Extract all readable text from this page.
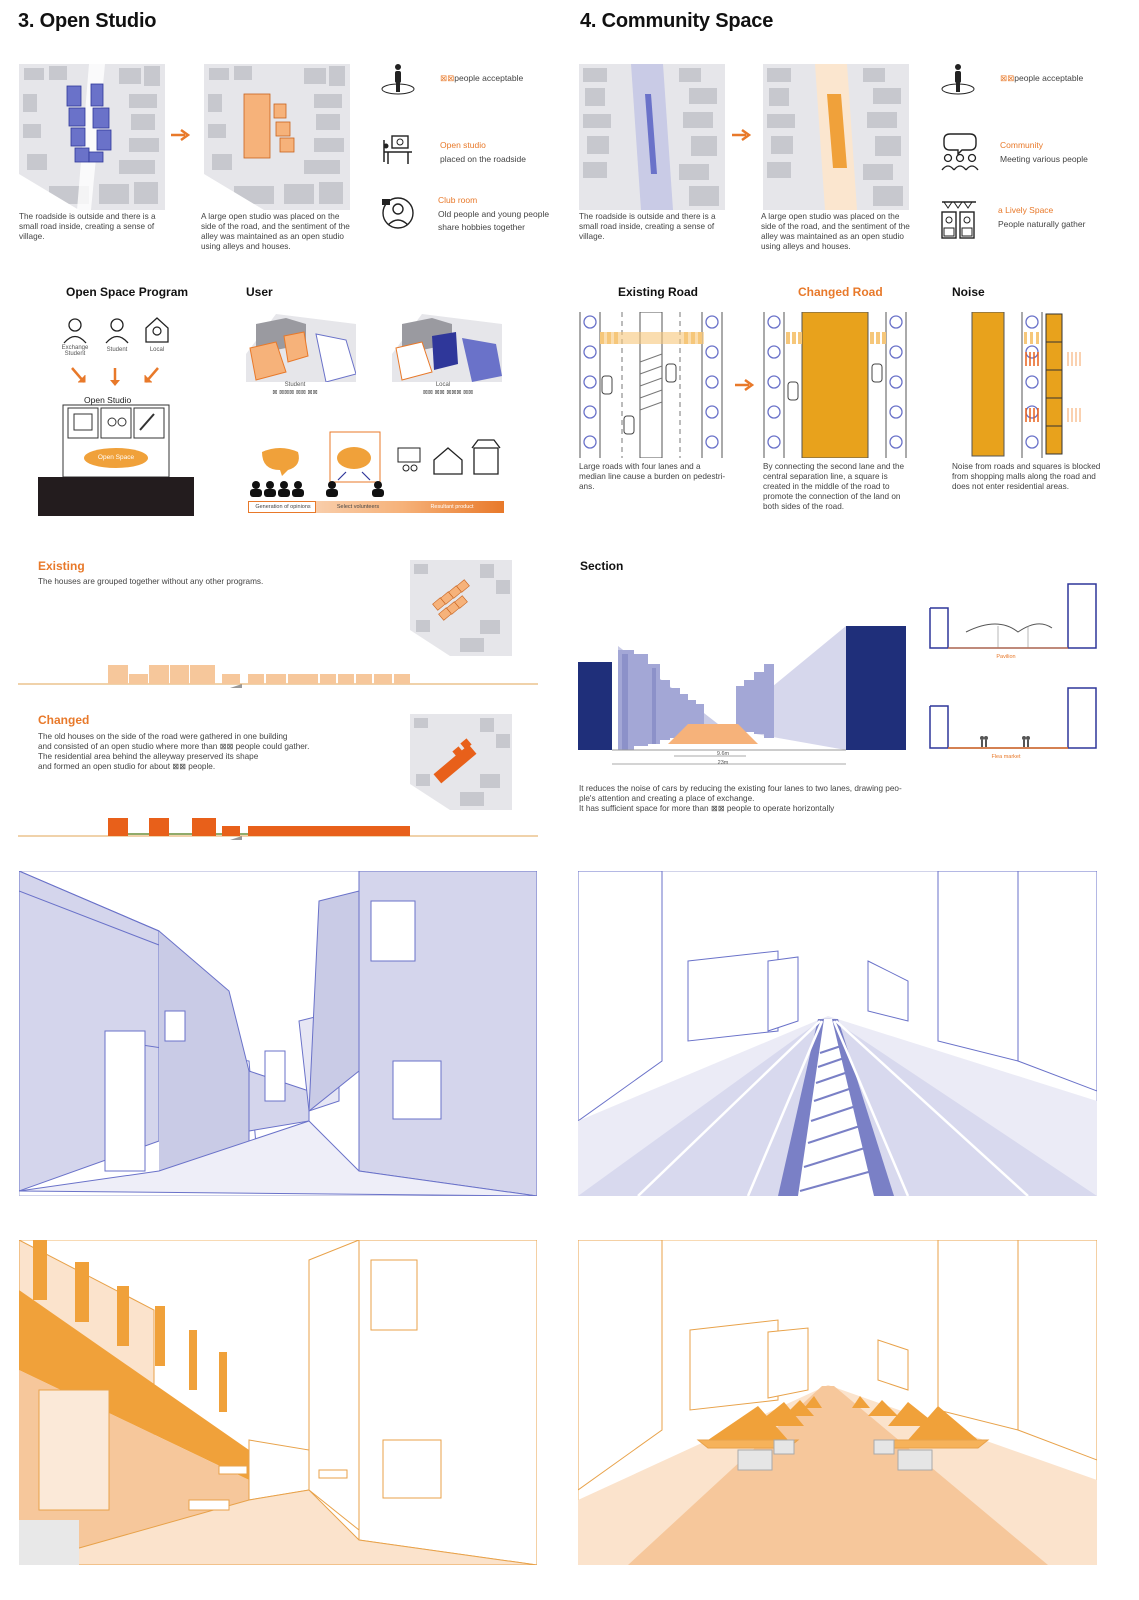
3. Open Studio	4. Community Space
The roadside is outside and there is a small road inside, creating a sense of village.
A large open studio was placed on the side of the road, and the sentiment of the alley was maintained as an open studio using alleys and houses.
⊠⊠people acceptable
Open studio
placed on the roadside
Club room
Old people and young people share hobbies together
Open Space Program
Exchange Student
Student	Local
Open Studio
Open Space
User
Student
⊠ ⊠⊠⊠ ⊠⊠ ⊠⊠
Local
⊠⊠ ⊠⊠ ⊠⊠⊠ ⊠⊠
Generation of opinions	Select volunteers	Resultant product
Existing
The houses are grouped together without any other programs.
Changed
The old houses on the side of the road were gathered in one building
and consisted of an open studio where more than ⊠⊠ people could gather.
The residential area behind the alleyway preserved its shape
and formed an open studio for about ⊠⊠ people.
The roadside is outside and there is a small road inside, creating a sense of village.
A large open studio was placed on the side of the road, and the sentiment of the alley was maintained as an open studio using alleys and houses.
⊠⊠people acceptable
Community
Meeting various people
a Lively Space
People naturally gather
Existing Road	Changed Road	Noise
Large roads with four lanes and a median line cause a burden on pedestri-ans.
By connecting the second lane and the central separation line, a square is created in the middle of the road to promote the connection of the land on both sides of the road.
Noise from roads and squares is blocked from shopping malls along the road and does not enter residential areas.
Section
9.6m
23m
Pavilion
Flea market
It reduces the noise of cars by reducing the existing four lanes to two lanes, drawing peo-
ple's attention and creating a place of exchange.
It has sufficient space for more than ⊠⊠ people to operate horizontally
